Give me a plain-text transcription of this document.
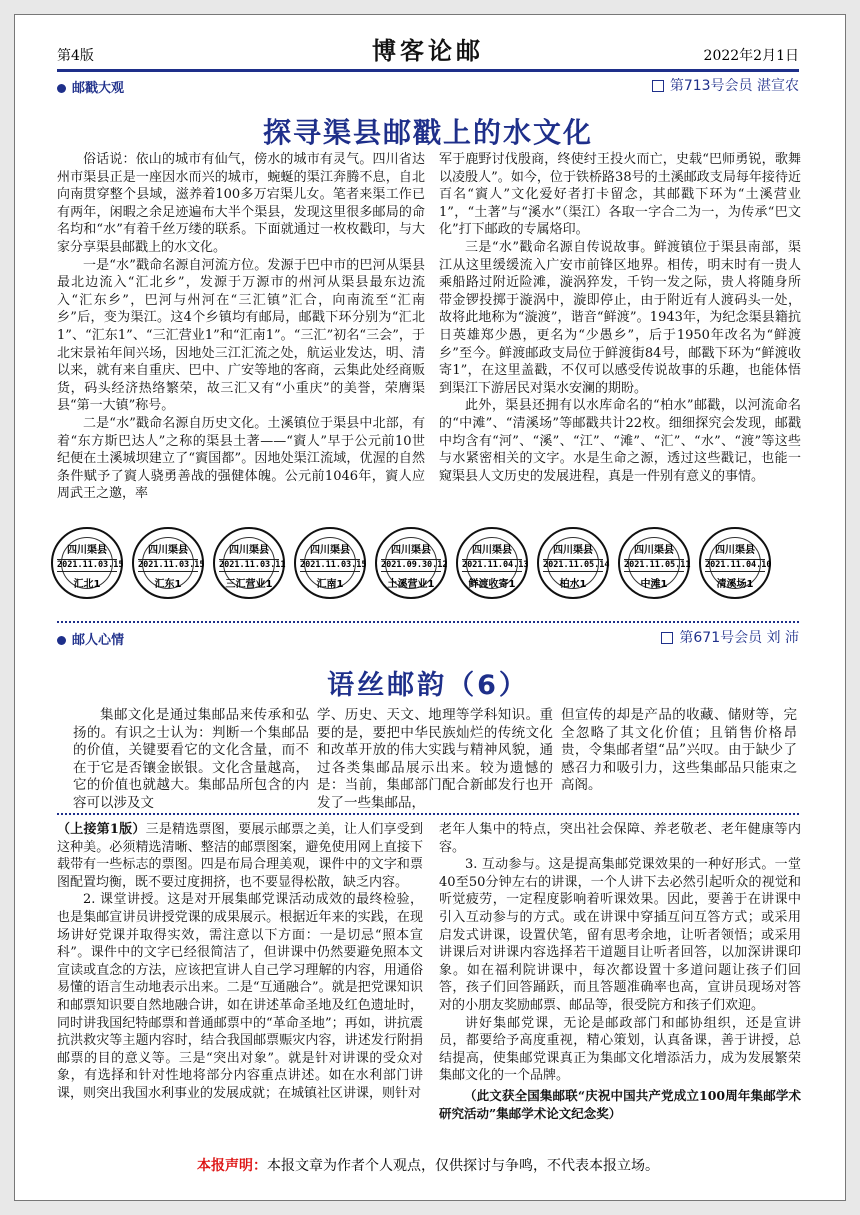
第4版	博客论邮	2022年2月1日
邮戳大观	第713号会员 湛宣农
探寻渠县邮戳上的水文化

俗话说：依山的城市有仙气，傍水的城市有灵气。四川省达州市渠县正是一座因水而兴的城市，蜿蜒的渠江奔腾不息，自北向南贯穿整个县域，滋养着100多万宕渠儿女。笔者来渠工作已有两年，闲暇之余足迹遍布大半个渠县，发现这里很多邮局的命名均和“水”有着千丝万缕的联系。下面就通过一枚枚戳印，与大家分享渠县邮戳上的水文化。

一是“水”戳命名源自河流方位。发源于巴中市的巴河从渠县最北边流入“汇北乡”，发源于万源市的州河从渠县最东边流入“汇东乡”，巴河与州河在“三汇镇”汇合，向南流至“汇南乡”后，变为渠江。这4个乡镇均有邮局，邮戳下环分别为“汇北1”、“汇东1”、“三汇营业1”和“汇南1”。“三汇”初名“三会”，于北宋景祐年间兴场，因地处三江汇流之处，航运业发达，明、清以来，就有来自重庆、巴中、广安等地的客商，云集此处经商贩货，码头经济热络繁荣，故三汇又有“小重庆”的美誉，荣膺渠县“第一大镇”称号。

二是“水”戳命名源自历史文化。土溪镇位于渠县中北部，有着“东方斯巴达人”之称的渠县土著——“賨人”早于公元前10世纪便在土溪城坝建立了“賨国都”。因地处渠江流域，优渥的自然条件赋予了賨人骁勇善战的强健体魄。公元前1046年，賨人应周武王之邀，率

军于鹿野讨伐殷商，终使纣王投火而亡，史载“巴师勇锐，歌舞以凌殷人”。如今，位于铁桥路38号的土溪邮政支局每年接待近百名“賨人”文化爱好者打卡留念，其邮戳下环为“土溪营业1”，“土著”与“溪水”（渠江）各取一字合二为一，为传承“巴文化”打下邮政的专属烙印。

三是“水”戳命名源自传说故事。鲜渡镇位于渠县南部，渠江从这里缓缓流入广安市前锋区地界。相传，明末时有一贵人乘船路过附近险滩，漩涡猝发，千钧一发之际，贵人将随身所带金锣投掷于漩涡中，漩即停止，由于附近有人渡码头一处，故将此地称为“漩渡”，谐音“鲜渡”。1943年，为纪念渠县籍抗日英雄郑少愚，更名为“少愚乡”，后于1950年改名为“鲜渡乡”至今。鲜渡邮政支局位于鲜渡街84号，邮戳下环为“鲜渡收寄1”，在这里盖戳，不仅可以感受传说故事的乐趣，也能体悟到渠江下游居民对渠水安澜的期盼。

此外，渠县还拥有以水库命名的“柏水”邮戳，以河流命名的“中滩”、“清溪场”等邮戳共计22枚。细细探究会发现，邮戳中均含有“河”、“溪”、“江”、“滩”、“汇”、“水”、“渡”等这些与水紧密相关的文字。水是生命之源，透过这些戳记，也能一窥渠县人文历史的发展进程，真是一件别有意义的事情。

四川渠县
2021.11.03.15
汇北1
四川渠县
2021.11.03.15
汇东1
四川渠县
2021.11.03.11
三汇营业1
四川渠县
2021.11.03.15
汇南1
四川渠县
2021.09.30.12
土溪营业1
四川渠县
2021.11.04.13
鲜渡收寄1
四川渠县
2021.11.05.14
柏水1
四川渠县
2021.11.05.11
中滩1
四川渠县
2021.11.04.10
清溪场1
邮人心情	第671号会员 刘 沛
语丝邮韵（6）

集邮文化是通过集邮品来传承和弘扬的。有识之士认为：判断一个集邮品的价值，关键要看它的文化含量，而不在于它是否镶金嵌银。文化含量越高，它的价值也就越大。集邮品所包含的内容可以涉及文

学、历史、天文、地理等学科知识。重要的是，要把中华民族灿烂的传统文化和改革开放的伟大实践与精神风貌，通过各类集邮品展示出来。较为遗憾的是：当前，集邮部门配合新邮发行也开发了一些集邮品，

但宣传的却是产品的收藏、储财等，完全忽略了其文化价值；且销售价格昂贵，令集邮者望“品”兴叹。由于缺少了感召力和吸引力，这些集邮品只能束之高阁。

（上接第1版）三是精选票图，要展示邮票之美，让人们享受到这种美。必须精选清晰、整洁的邮票图案，避免使用网上直接下载带有一些标志的票图。四是布局合理美观，课件中的文字和票图配置均衡，既不要过度拥挤，也不要显得松散，缺乏内容。

2. 课堂讲授。这是对开展集邮党课活动成效的最终检验，也是集邮宣讲员讲授党课的成果展示。根据近年来的实践，在现场讲好党课并取得实效，需注意以下方面：一是切忌“照本宣科”。课件中的文字已经很简洁了，但讲课中仍然要避免照本文宣读或直念的方法，应该把宣讲人自己学习理解的内容，用通俗易懂的语言生动地表示出来。二是“互通融合”。就是把党课知识和邮票知识要自然地融合讲，如在讲述革命圣地及红色遗址时，同时讲我国纪特邮票和普通邮票中的“革命圣地”；再如，讲抗震抗洪救灾等主题内容时，结合我国邮票赈灾内容，讲述发行附捐邮票的目的意义等。三是“突出对象”。就是针对讲课的受众对象，有选择和针对性地将部分内容重点讲述。如在水利部门讲课，则突出我国水利事业的发展成就；在城镇社区讲课，则针对

老年人集中的特点，突出社会保障、养老敬老、老年健康等内容。

3. 互动参与。这是提高集邮党课效果的一种好形式。一堂40至50分钟左右的讲课，一个人讲下去必然引起听众的视觉和听觉疲劳，一定程度影响着听课效果。因此，要善于在讲课中引入互动参与的方式。或在讲课中穿插互问互答方式；或采用启发式讲课，设置伏笔，留有思考余地，让听者领悟；或采用讲课后对讲课内容选择若干道题目让听者回答，以加深讲课印象。如在福利院讲课中，每次都设置十多道问题让孩子们回答，孩子们回答踊跃，而且答题准确率也高，宣讲员现场对答对的小朋友奖励邮票、邮品等，很受院方和孩子们欢迎。

讲好集邮党课，无论是邮政部门和邮协组织，还是宣讲员，都要给予高度重视，精心策划，认真备课，善于讲授，总结提高，使集邮党课真正为集邮文化增添活力，成为发展繁荣集邮文化的一个品牌。

（此文获全国集邮联“庆祝中国共产党成立100周年集邮学术研究活动”集邮学术论文纪念奖）

本报声明：本报文章为作者个人观点，仅供探讨与争鸣，不代表本报立场。
